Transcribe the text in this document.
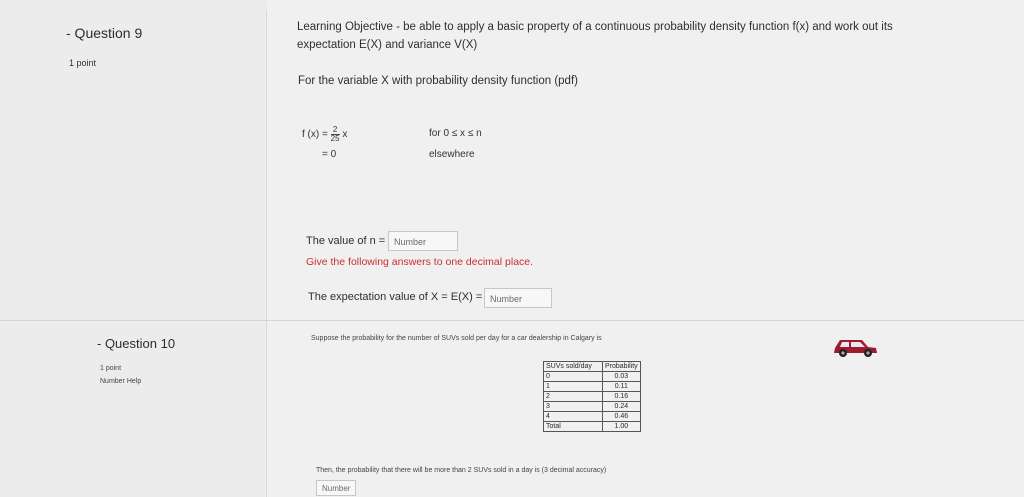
- Question 9
1 point
Learning Objective - be able to apply a basic property of a continuous probability density function f(x) and work out its
expectation E(X) and variance V(X)
For the variable X with probability density function (pdf)
f $(x) = \frac{2}{25}$ x
= 0
for 0 ≤ x ≤ n
elsewhere
The value of n = Number
Give the following answers to one decimal place.
The expectation value of X = E(X) = Number
- Question 10
1 point
Number Help
Suppose the probability for the number of SUVs sold per day for a car dealership in Calgary is
SUVs sold/day	Probability
0	0.03
1	0.11
2	0.16
3	0.24
4	0.46
Total	1.00
Then, the probability that there will be more than 2 SUVs sold in a day is (3 decimal accuracy)
Number
